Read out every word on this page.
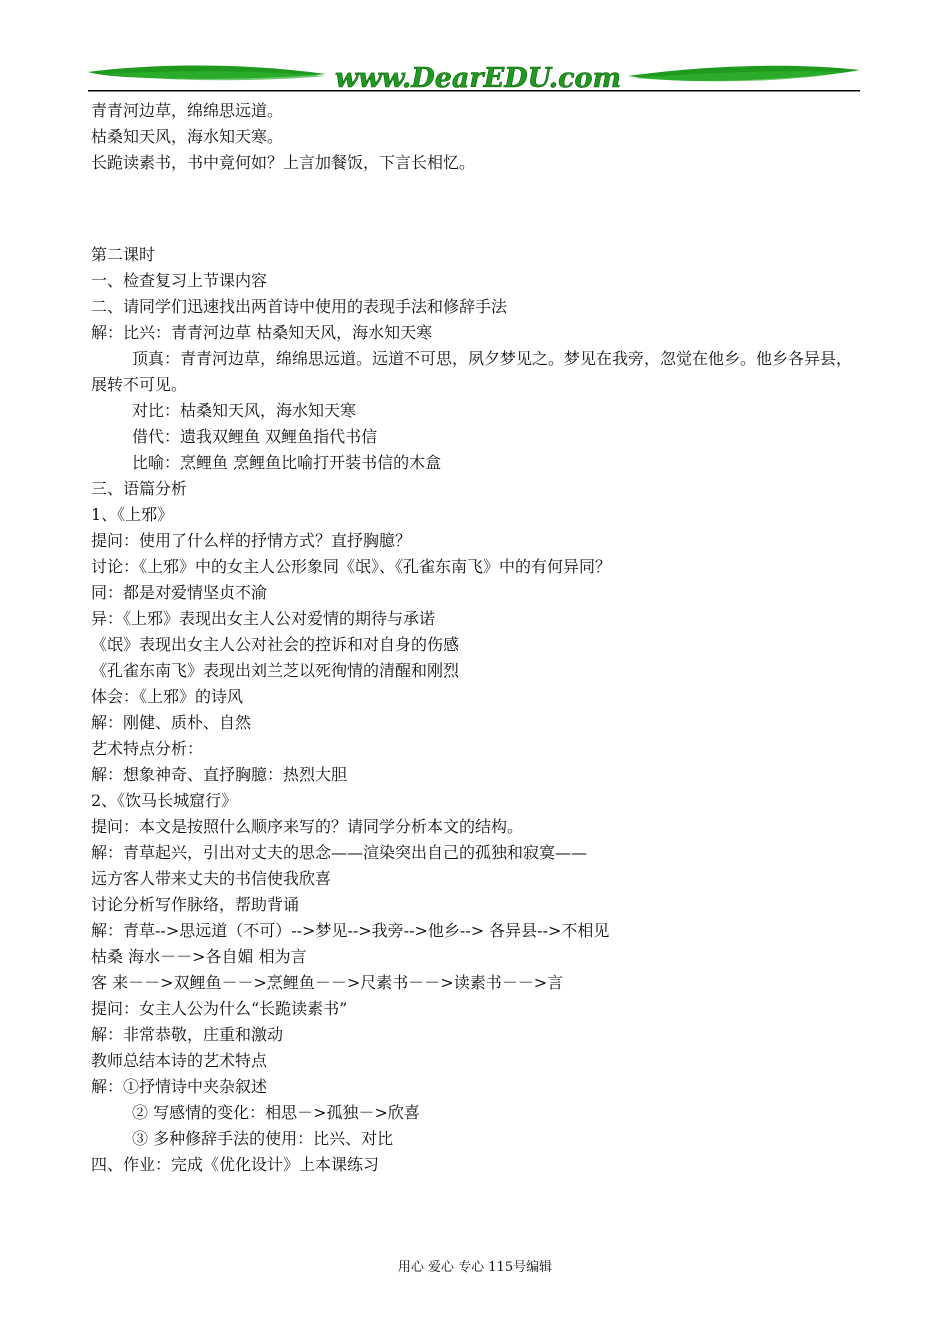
www.DearEDU.com
青青河边草，绵绵思远道。
枯桑知天风，海水知天寒。
长跪读素书，书中竟何如？上言加餐饭，下言长相忆。
第二课时
一、检查复习上节课内容
二、请同学们迅速找出两首诗中使用的表现手法和修辞手法
解：比兴：青青河边草 枯桑知天风，海水知天寒
顶真：青青河边草，绵绵思远道。远道不可思，夙夕梦见之。梦见在我旁，忽觉在他乡。他乡各异县，展转不可见。
对比：枯桑知天风，海水知天寒
借代：遗我双鲤鱼 双鲤鱼指代书信
比喻：烹鲤鱼 烹鲤鱼比喻打开装书信的木盒
三、语篇分析
1、《上邪》
提问：使用了什么样的抒情方式？直抒胸臆？
讨论：《上邪》中的女主人公形象同《氓》、《孔雀东南飞》中的有何异同？
同：都是对爱情坚贞不渝
异：《上邪》表现出女主人公对爱情的期待与承诺
《氓》表现出女主人公对社会的控诉和对自身的伤感
《孔雀东南飞》表现出刘兰芝以死徇情的清醒和刚烈
体会：《上邪》的诗风
解：刚健、质朴、自然
艺术特点分析：
解：想象神奇、直抒胸臆：热烈大胆
2、《饮马长城窟行》
提问：本文是按照什么顺序来写的？请同学分析本文的结构。
解：青草起兴，引出对丈夫的思念——渲染突出自己的孤独和寂寞——
远方客人带来丈夫的书信使我欣喜
讨论分析写作脉络，帮助背诵
解：青草-->思远道（不可）-->梦见-->我旁-->他乡--> 各异县-->不相见
枯桑 海水－－>各自媚 相为言
客 来－－>双鲤鱼－－>烹鲤鱼－－>尺素书－－>读素书－－>言
提问：女主人公为什么“长跪读素书”
解：非常恭敬，庄重和激动
教师总结本诗的艺术特点
解：①抒情诗中夹杂叙述
② 写感情的变化：相思－>孤独－>欣喜
③ 多种修辞手法的使用：比兴、对比
四、作业：完成《优化设计》上本课练习
用心 爱心 专心 115号编辑
